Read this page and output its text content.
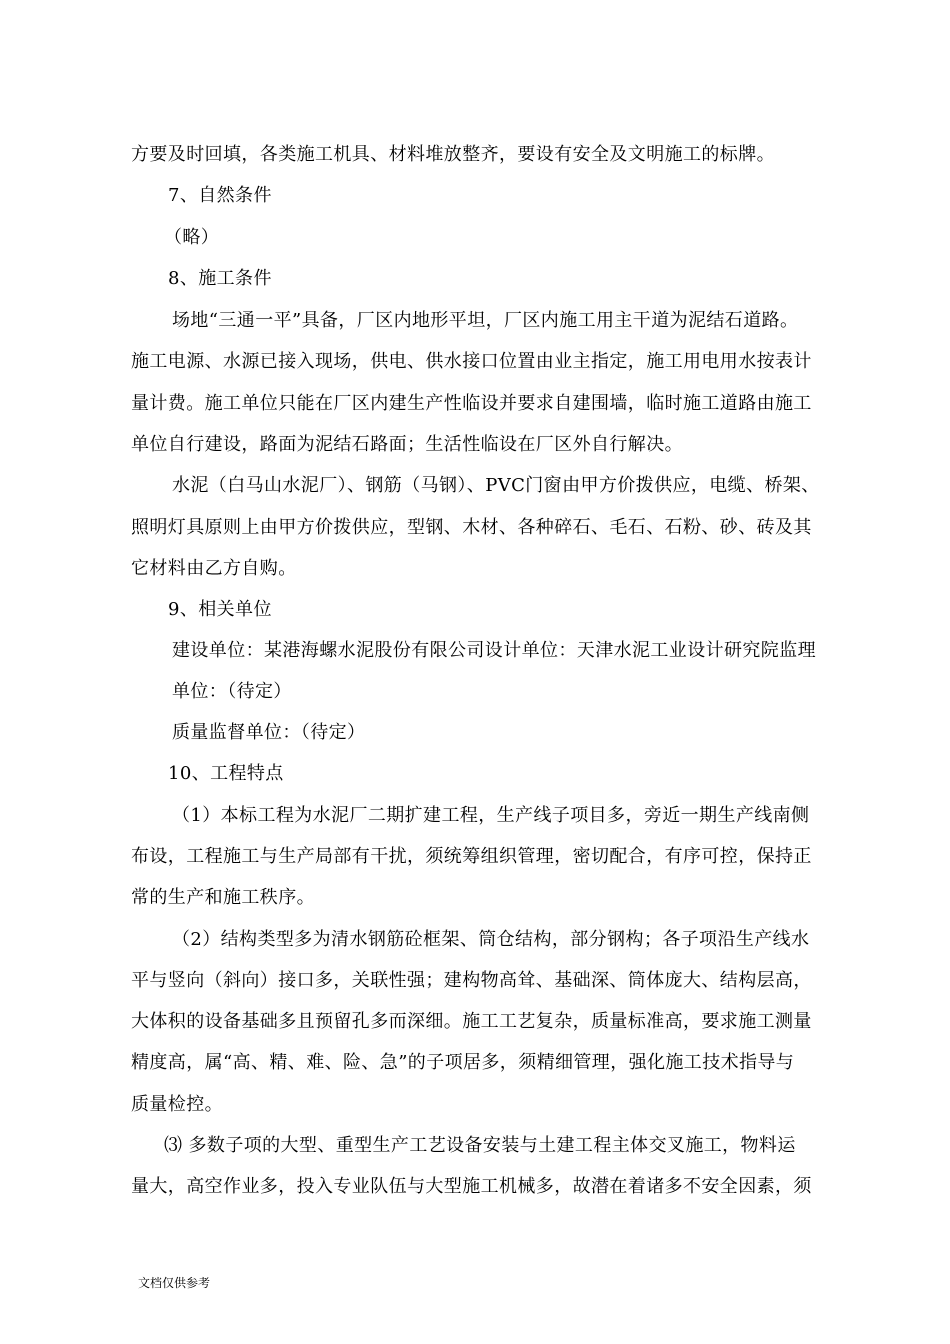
方要及时回填，各类施工机具、材料堆放整齐，要设有安全及文明施工的标牌。
7、自然条件
（略）
8、施工条件
场地“三通一平”具备，厂区内地形平坦，厂区内施工用主干道为泥结石道路。
施工电源、水源已接入现场，供电、供水接口位置由业主指定，施工用电用水按表计
量计费。施工单位只能在厂区内建生产性临设并要求自建围墙，临时施工道路由施工
单位自行建设，路面为泥结石路面；生活性临设在厂区外自行解决。
水泥（白马山水泥厂）、钢筋（马钢）、PVC门窗由甲方价拨供应，电缆、桥架、
照明灯具原则上由甲方价拨供应，型钢、木材、各种碎石、毛石、石粉、砂、砖及其
它材料由乙方自购。
9、相关单位
建设单位：某港海螺水泥股份有限公司设计单位：天津水泥工业设计研究院监理
单位：（待定）
质量监督单位：（待定）
10、工程特点
（1）本标工程为水泥厂二期扩建工程，生产线子项目多，旁近一期生产线南侧
布设，工程施工与生产局部有干扰，须统筹组织管理，密切配合，有序可控，保持正
常的生产和施工秩序。
（2）结构类型多为清水钢筋砼框架、筒仓结构，部分钢构；各子项沿生产线水
平与竖向（斜向）接口多，关联性强；建构物高耸、基础深、筒体庞大、结构层高，
大体积的设备基础多且预留孔多而深细。施工工艺复杂，质量标准高，要求施工测量
精度高，属“高、精、难、险、急”的子项居多，须精细管理，强化施工技术指导与
质量检控。
⑶ 多数子项的大型、重型生产工艺设备安装与土建工程主体交叉施工，物料运
量大，高空作业多，投入专业队伍与大型施工机械多，故潜在着诸多不安全因素，须
文档仅供参考
